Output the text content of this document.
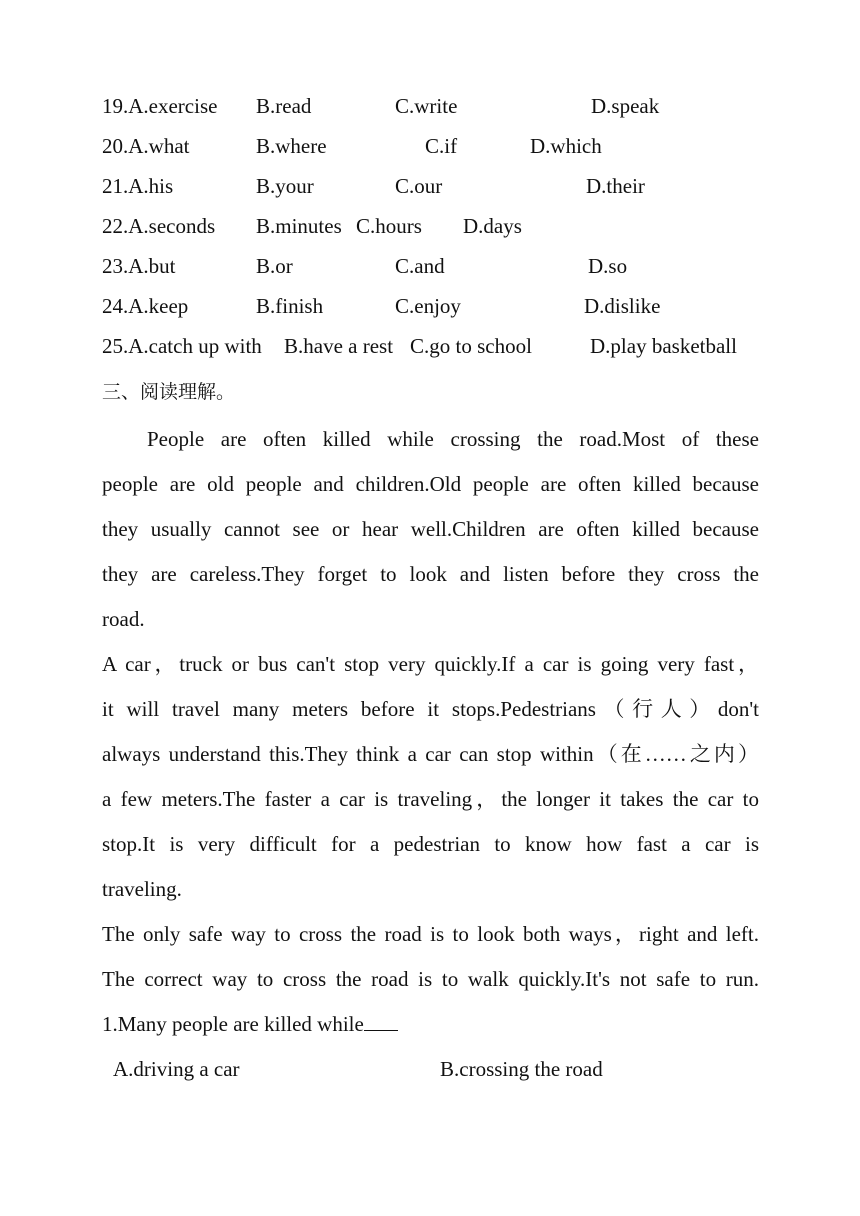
19.A.exercise B.read	C.write	D.speak
20.A.what	B.where	C.if	D.which
21.A.his	B.your	C.our	D.their
22.A.seconds B.minutes C.hours D.days
23.A.but	B.or	C.and	D.so
24.A.keep	B.finish	C.enjoy	D.dislike
25.A.catch up with B.have a rest C.go to school	D.play basketball
三、阅读理解。
People are often killed while crossing the road.Most of these
people are old people and children.Old people are often killed because
they usually cannot see or hear well.Children are often killed because
they are careless.They forget to look and listen before they cross the
road.
A car，truck or bus can't stop very quickly.If a car is going very fast，
it will travel many meters before it stops.Pedestrians（行人）don't
always understand this.They think a car can stop within（在……之内）
a few meters.The faster a car is traveling，the longer it takes the car to
stop.It is very difficult for a pedestrian to know how fast a car is
traveling.
The only safe way to cross the road is to look both ways，right and left.
The correct way to cross the road is to walk quickly.It's not safe to run.
1.Many people are killed while
A.driving a car	B.crossing the road
